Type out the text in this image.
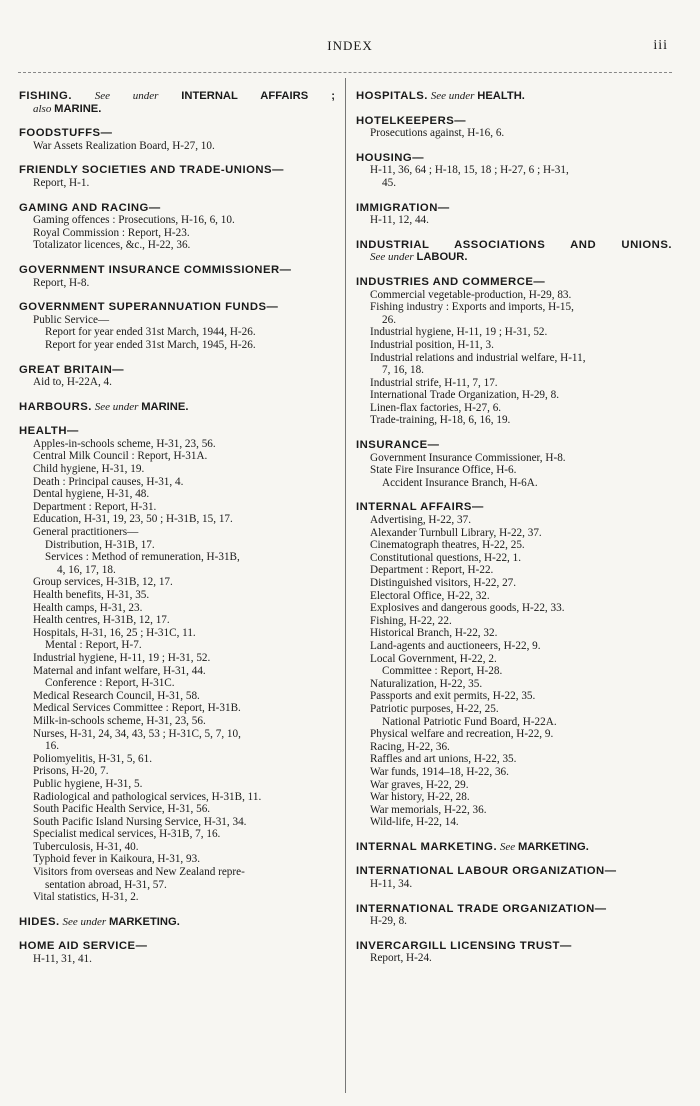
INDEX	iii
FISHING. See under INTERNAL AFFAIRS ;
also MARINE.
FOODSTUFFS—
War Assets Realization Board, H-27, 10.
FRIENDLY SOCIETIES AND TRADE-UNIONS—
Report, H-1.
GAMING AND RACING—
Gaming offences : Prosecutions, H-16, 6, 10.
Royal Commission : Report, H-23.
Totalizator licences, &c., H-22, 36.
GOVERNMENT INSURANCE COMMISSIONER—
Report, H-8.
GOVERNMENT SUPERANNUATION FUNDS—
Public Service—
Report for year ended 31st March, 1944, H-26.
Report for year ended 31st March, 1945, H-26.
GREAT BRITAIN—
Aid to, H-22A, 4.
HARBOURS. See under MARINE.
HEALTH—
Apples-in-schools scheme, H-31, 23, 56.
Central Milk Council : Report, H-31A.
Child hygiene, H-31, 19.
Death : Principal causes, H-31, 4.
Dental hygiene, H-31, 48.
Department : Report, H-31.
Education, H-31, 19, 23, 50 ; H-31B, 15, 17.
General practitioners—
Distribution, H-31B, 17.
Services : Method of remuneration, H-31B,
4, 16, 17, 18.
Group services, H-31B, 12, 17.
Health benefits, H-31, 35.
Health camps, H-31, 23.
Health centres, H-31B, 12, 17.
Hospitals, H-31, 16, 25 ; H-31C, 11.
Mental : Report, H-7.
Industrial hygiene, H-11, 19 ; H-31, 52.
Maternal and infant welfare, H-31, 44.
Conference : Report, H-31C.
Medical Research Council, H-31, 58.
Medical Services Committee : Report, H-31B.
Milk-in-schools scheme, H-31, 23, 56.
Nurses, H-31, 24, 34, 43, 53 ; H-31C, 5, 7, 10,
16.
Poliomyelitis, H-31, 5, 61.
Prisons, H-20, 7.
Public hygiene, H-31, 5.
Radiological and pathological services, H-31B, 11.
South Pacific Health Service, H-31, 56.
South Pacific Island Nursing Service, H-31, 34.
Specialist medical services, H-31B, 7, 16.
Tuberculosis, H-31, 40.
Typhoid fever in Kaikoura, H-31, 93.
Visitors from overseas and New Zealand repre-
sentation abroad, H-31, 57.
Vital statistics, H-31, 2.
HIDES. See under MARKETING.
HOME AID SERVICE—
H-11, 31, 41.
HOSPITALS. See under HEALTH.
HOTELKEEPERS—
Prosecutions against, H-16, 6.
HOUSING—
H-11, 36, 64 ; H-18, 15, 18 ; H-27, 6 ; H-31,
45.
IMMIGRATION—
H-11, 12, 44.
INDUSTRIAL ASSOCIATIONS AND UNIONS.
See under LABOUR.
INDUSTRIES AND COMMERCE—
Commercial vegetable-production, H-29, 83.
Fishing industry : Exports and imports, H-15,
26.
Industrial hygiene, H-11, 19 ; H-31, 52.
Industrial position, H-11, 3.
Industrial relations and industrial welfare, H-11,
7, 16, 18.
Industrial strife, H-11, 7, 17.
International Trade Organization, H-29, 8.
Linen-flax factories, H-27, 6.
Trade-training, H-18, 6, 16, 19.
INSURANCE—
Government Insurance Commissioner, H-8.
State Fire Insurance Office, H-6.
Accident Insurance Branch, H-6A.
INTERNAL AFFAIRS—
Advertising, H-22, 37.
Alexander Turnbull Library, H-22, 37.
Cinematograph theatres, H-22, 25.
Constitutional questions, H-22, 1.
Department : Report, H-22.
Distinguished visitors, H-22, 27.
Electoral Office, H-22, 32.
Explosives and dangerous goods, H-22, 33.
Fishing, H-22, 22.
Historical Branch, H-22, 32.
Land-agents and auctioneers, H-22, 9.
Local Government, H-22, 2.
Committee : Report, H-28.
Naturalization, H-22, 35.
Passports and exit permits, H-22, 35.
Patriotic purposes, H-22, 25.
National Patriotic Fund Board, H-22A.
Physical welfare and recreation, H-22, 9.
Racing, H-22, 36.
Raffles and art unions, H-22, 35.
War funds, 1914–18, H-22, 36.
War graves, H-22, 29.
War history, H-22, 28.
War memorials, H-22, 36.
Wild-life, H-22, 14.
INTERNAL MARKETING. See MARKETING.
INTERNATIONAL LABOUR ORGANIZATION—
H-11, 34.
INTERNATIONAL TRADE ORGANIZATION—
H-29, 8.
INVERCARGILL LICENSING TRUST—
Report, H-24.
